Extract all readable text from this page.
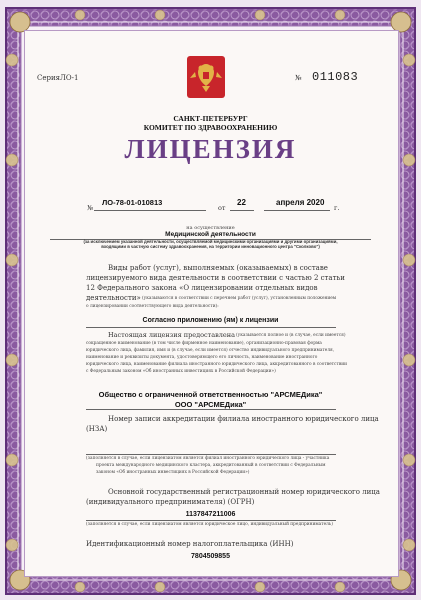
Серия ЛО-1	№ 011083
САНКТ-ПЕТЕРБУРГ
КОМИТЕТ ПО ЗДРАВООХРАНЕНИЮ
ЛИЦЕНЗИЯ
№
ЛО-78-01-010813
от
22	апреля 2020
г.
на осуществление
Медицинской деятельности
(за исключением указанной деятельности, осуществляемой медицинскими организациями и другими организациями,
входящими в частную систему здравоохранения, на территории инновационного центра "Сколково")
Виды работ (услуг), выполняемых (оказываемых) в составе
лицензируемого вида деятельности в соответствии с частью 2 статьи
12 Федерального закона «О лицензировании отдельных видов
деятельности» (указываются в соответствии с перечнем работ (услуг), установленным положением
о лицензировании соответствующего вида деятельности):
Согласно приложению (ям) к лицензии
Настоящая лицензия предоставлена (указывается полное и (в случае, если имеется)
сокращенное наименование (в том числе фирменное наименование), организационно-правовая форма
юридического лица, фамилия, имя и (в случае, если имеется) отчество индивидуального предпринимателя,
наименование и реквизиты документа, удостоверяющего его личность, наименование иностранного
юридического лица, наименование филиала иностранного юридического лица, аккредитованного в соответствии
с Федеральным законом «Об иностранных инвестициях в Российской Федерации»)
Общество с ограниченной ответственностью "АРСМЕДика"
ООО "АРСМЕДика"
Номер записи аккредитации филиала иностранного юридического лица
(НЗА)
(заполняется в случае, если лицензиатом является филиал иностранного юридического лица - участника
проекта международного медицинского кластера, аккредитованный в соответствии с Федеральным
законом «Об иностранных инвестициях в Российской Федерации»)
Основной государственный регистрационный номер юридического лица
(индивидуального предпринимателя) (ОГРН)
1137847211006
(заполняется в случае, если лицензиатом является юридическое лицо, индивидуальный предприниматель)
Идентификационный номер налогоплательщика (ИНН)
7804509855
